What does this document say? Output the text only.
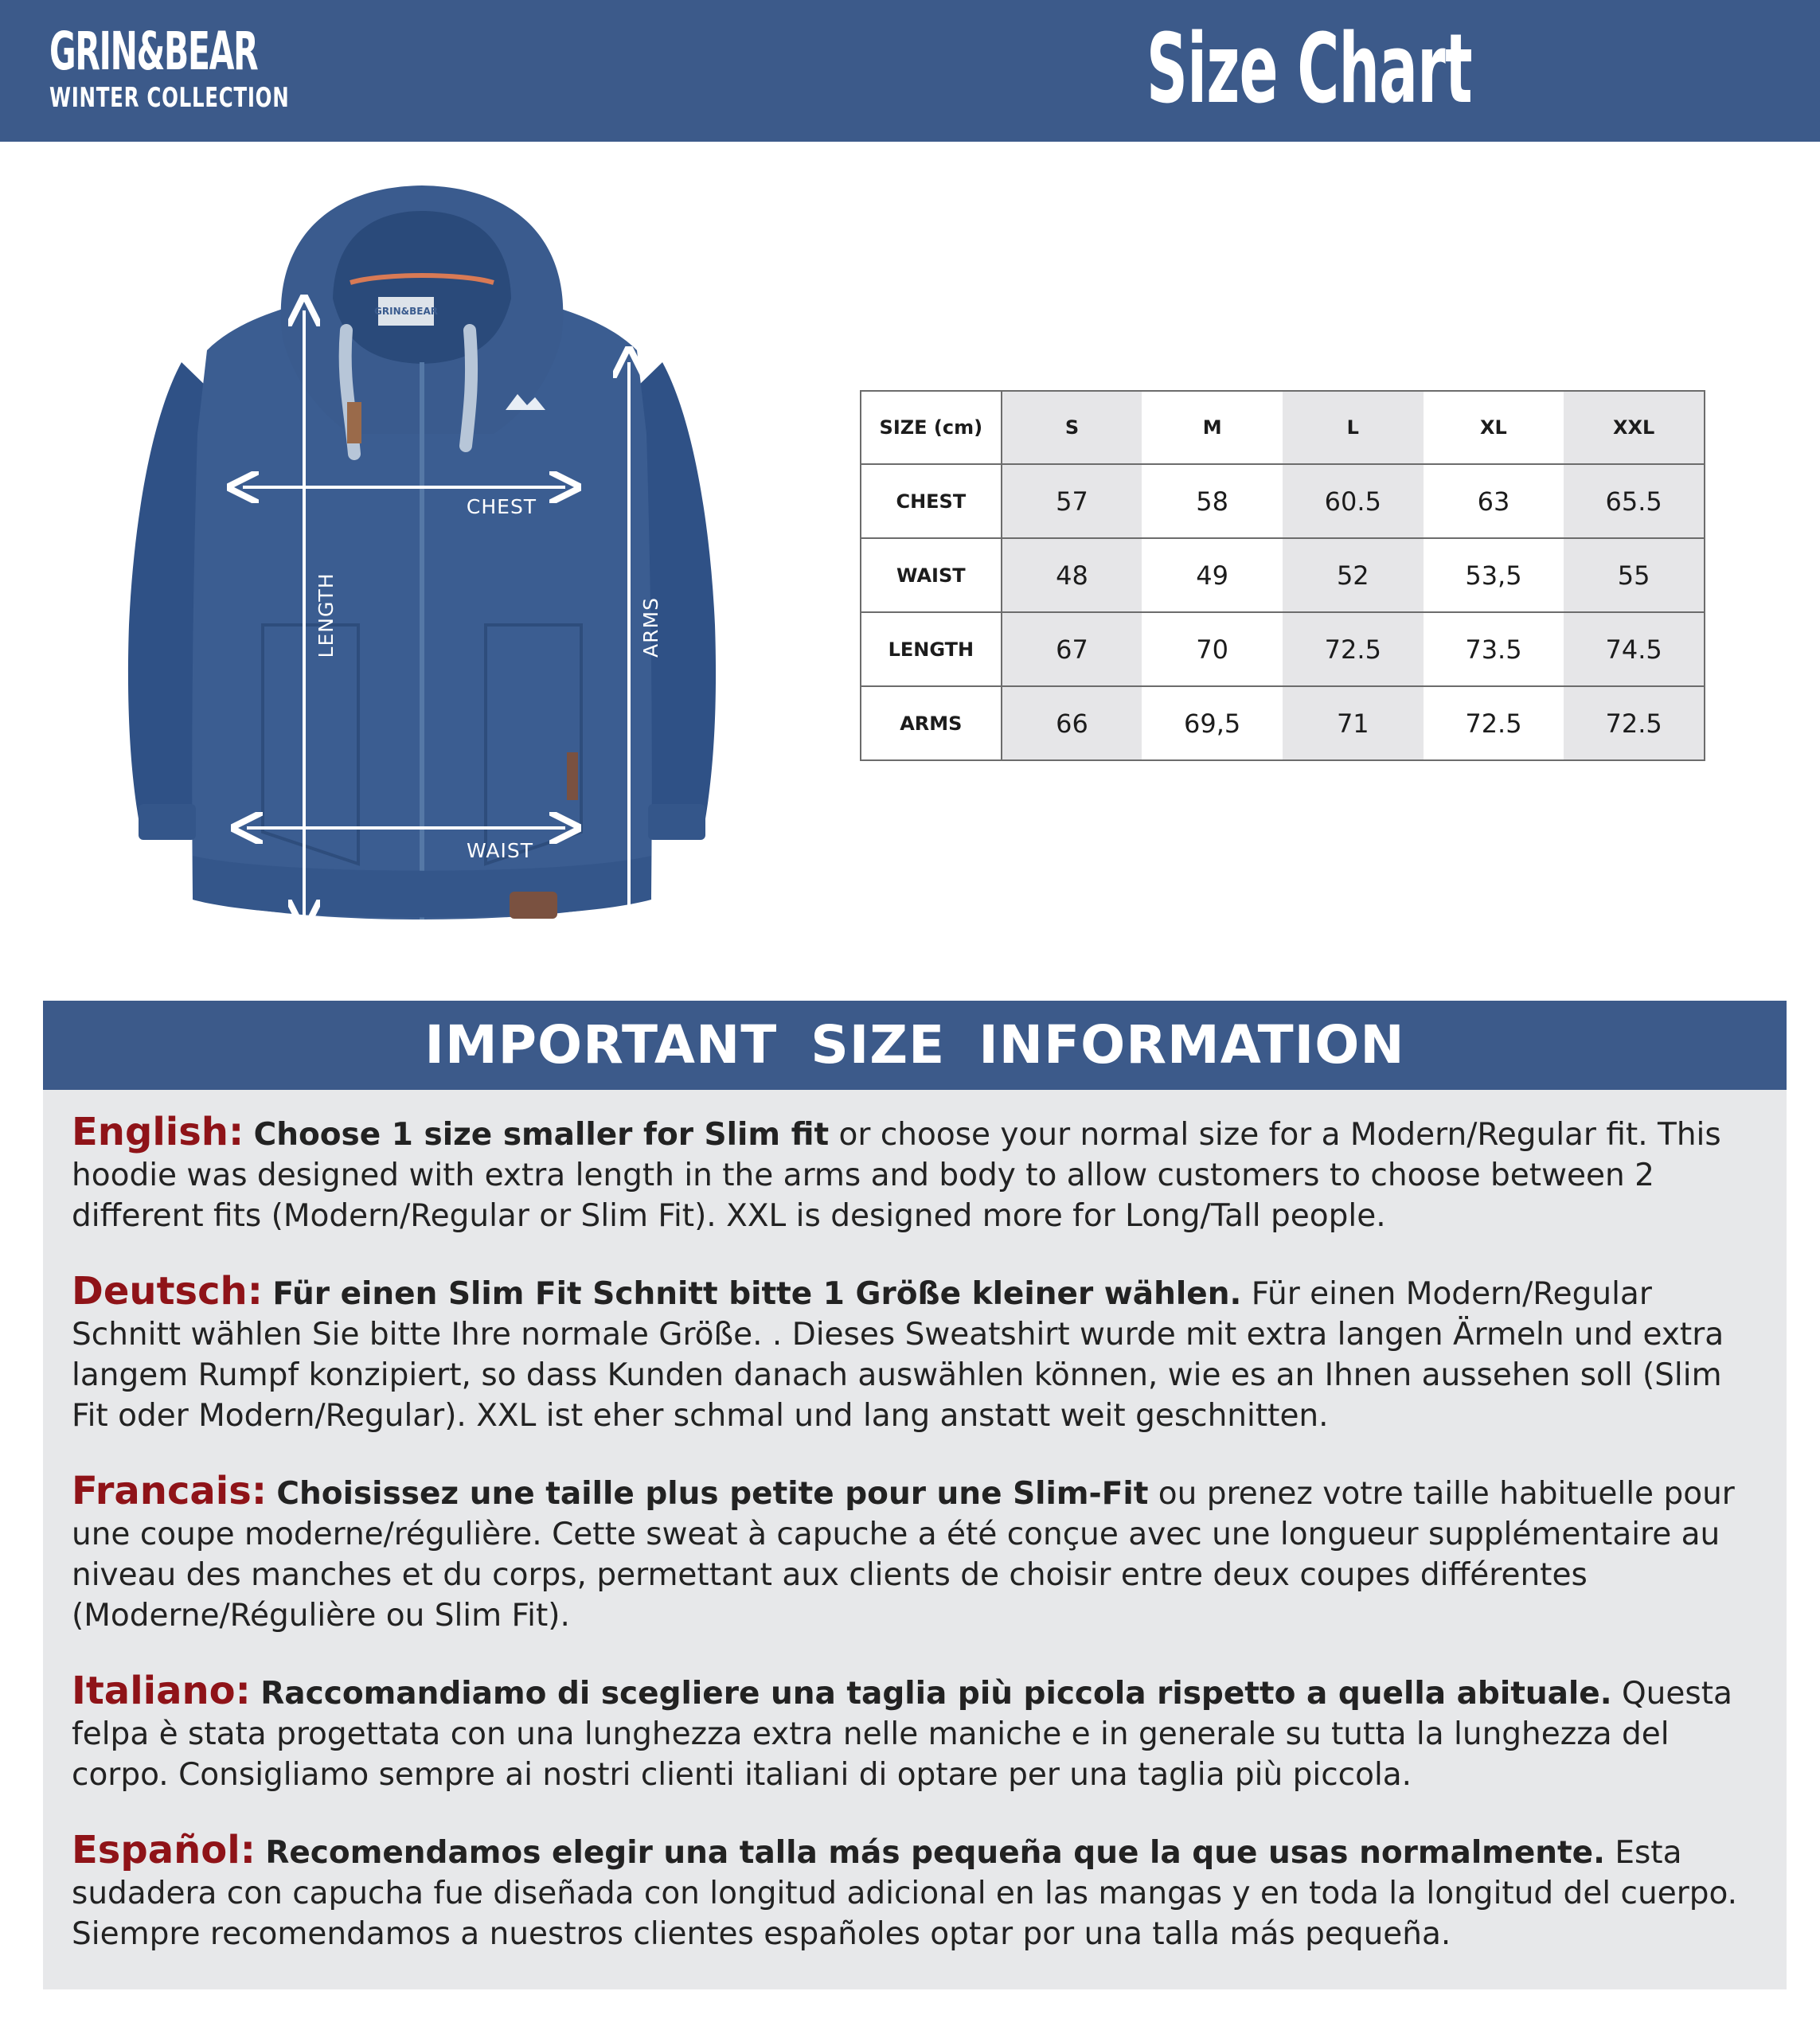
GRIN&BEAR
WINTER COLLECTION	Size Chart
GRIN&BEAR
CHEST
WAIST
LENGTH	ARMS
SIZE (cm)	S	M	L	XL	XXL
CHEST	57	58	60.5	63	65.5
WAIST	48	49	52	53,5	55
LENGTH	67	70	72.5	73.5	74.5
ARMS	66	69,5	71	72.5	72.5
IMPORTANT SIZE INFORMATION

English: Choose 1 size smaller for Slim fit or choose your normal size for a Modern/Regular fit. This hoodie was designed with extra length in the arms and body to allow customers to choose between 2 different fits (Modern/Regular or Slim Fit). XXL is designed more for Long/Tall people.

Deutsch: Für einen Slim Fit Schnitt bitte 1 Größe kleiner wählen. Für einen Modern/Regular Schnitt wählen Sie bitte Ihre normale Größe. . Dieses Sweatshirt wurde mit extra langen Ärmeln und extra langem Rumpf konzipiert, so dass Kunden danach auswählen können, wie es an Ihnen aussehen soll (Slim Fit oder Modern/Regular). XXL ist eher schmal und lang anstatt weit geschnitten.

Francais: Choisissez une taille plus petite pour une Slim-Fit ou prenez votre taille habituelle pour une coupe moderne/régulière. Cette sweat à capuche a été conçue avec une longueur supplémentaire au niveau des manches et du corps, permettant aux clients de choisir entre deux coupes différentes (Moderne/Régulière ou Slim Fit).

Italiano: Raccomandiamo di scegliere una taglia più piccola rispetto a quella abituale. Questa felpa è stata progettata con una lunghezza extra nelle maniche e in generale su tutta la lunghezza del corpo. Consigliamo sempre ai nostri clienti italiani di optare per una taglia più piccola.

Español: Recomendamos elegir una talla más pequeña que la que usas normalmente. Esta sudadera con capucha fue diseñada con longitud adicional en las mangas y en toda la longitud del cuerpo. Siempre recomendamos a nuestros clientes españoles optar por una talla más pequeña.
